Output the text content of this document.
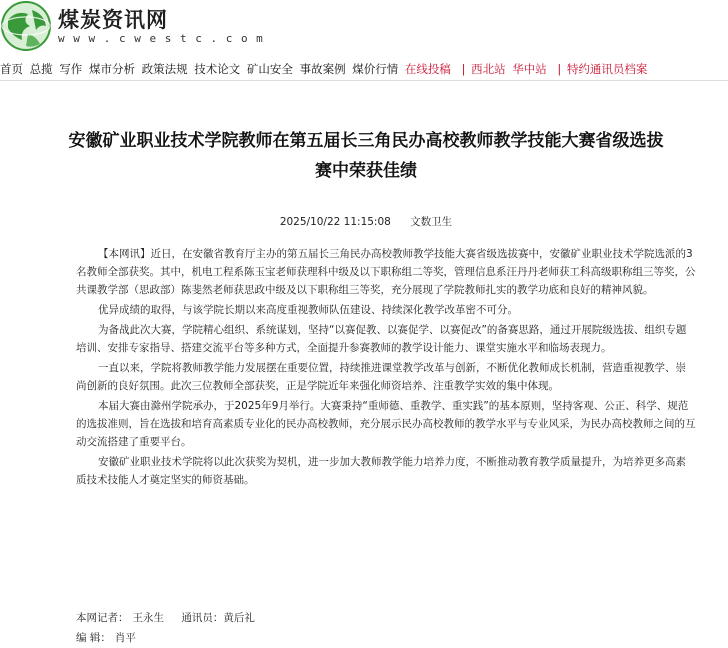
煤炭资讯网
w w w . c w e s t c . c o m
首页 总揽 写作 煤市分析 政策法规 技术论文 矿山安全 事故案例 煤价行情 在线投稿 | 西北站 华中站 | 特约通讯员档案
安徽矿业职业技术学院教师在第五届长三角民办高校教师教学技能大赛省级选拔赛中荣获佳绩
2025/10/22 11:15:08 文数卫生

【本网讯】近日，在安徽省教育厅主办的第五届长三角民办高校教师教学技能大赛省级选拔赛中，安徽矿业职业技术学院选派的3名教师全部获奖。其中，机电工程系陈玉宝老师获理科中级及以下职称组二等奖，管理信息系汪丹丹老师获工科高级职称组三等奖，公共课教学部（思政部）陈斐然老师获思政中级及以下职称组三等奖，充分展现了学院教师扎实的教学功底和良好的精神风貌。

优异成绩的取得，与该学院长期以来高度重视教师队伍建设、持续深化教学改革密不可分。

为备战此次大赛，学院精心组织、系统谋划，坚持“以赛促教、以赛促学、以赛促改”的备赛思路，通过开展院级选拔、组织专题培训、安排专家指导、搭建交流平台等多种方式，全面提升参赛教师的教学设计能力、课堂实施水平和临场表现力。

一直以来，学院将教师教学能力发展摆在重要位置，持续推进课堂教学改革与创新，不断优化教师成长机制，营造重视教学、崇尚创新的良好氛围。此次三位教师全部获奖，正是学院近年来强化师资培养、注重教学实效的集中体现。

本届大赛由滁州学院承办，于2025年9月举行。大赛秉持“重师德、重教学、重实践”的基本原则，坚持客观、公正、科学、规范的选拔准则，旨在选拔和培育高素质专业化的民办高校教师，充分展示民办高校教师的教学水平与专业风采，为民办高校教师之间的互动交流搭建了重要平台。

安徽矿业职业技术学院将以此次获奖为契机，进一步加大教师教学能力培养力度，不断推动教育教学质量提升，为培养更多高素质技术技能人才奠定坚实的师资基础。

本网记者： 王永生 通讯员：黄后礼
编 辑： 肖平
